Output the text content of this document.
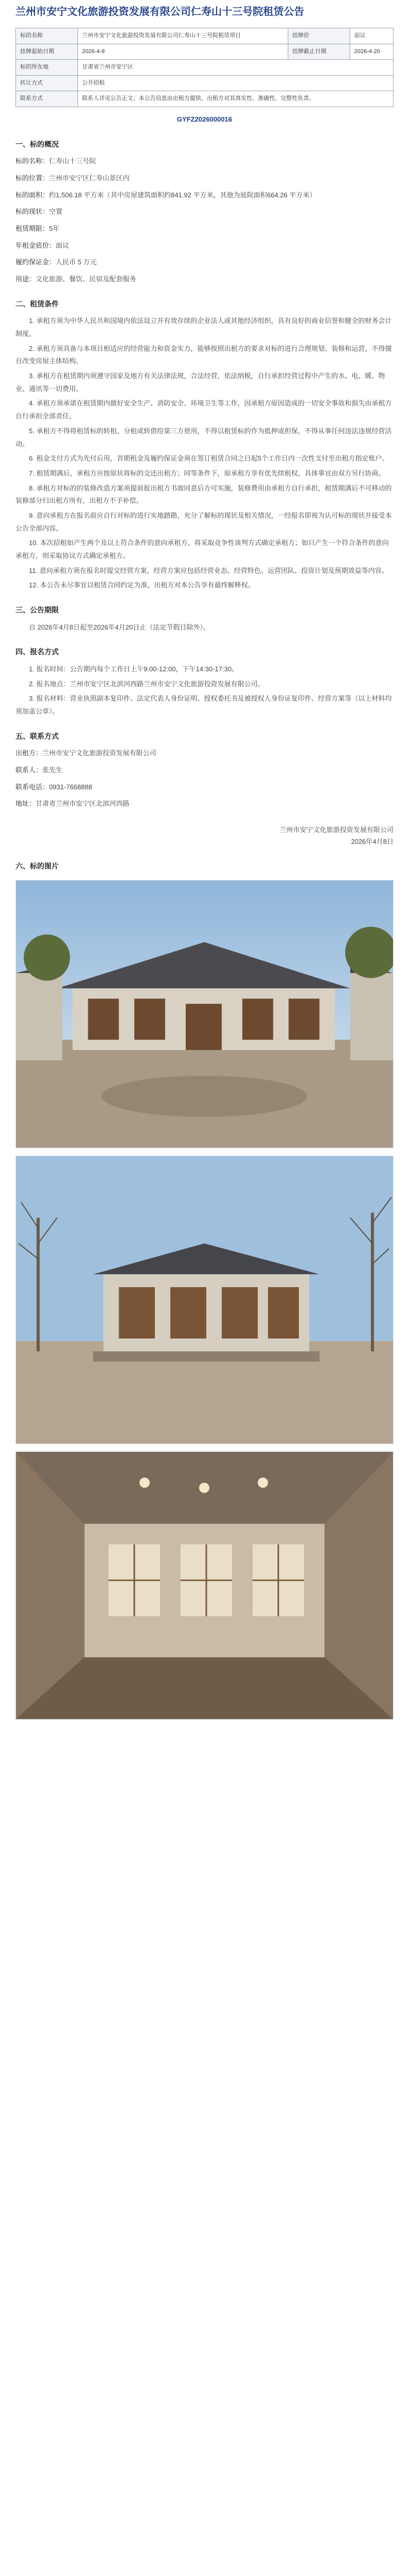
兰州市安宁文化旅游投资发展有限公司仁寿山十三号院租赁公告
标的名称	兰州市安宁文化旅游投资发展有限公司仁寿山十三号院租赁项目	挂牌价	面议
挂牌起始日期	2026-4-8	挂牌截止日期	2026-4-20
标的所在地	甘肃省兰州市安宁区		
转让方式	公开招租		
联系方式	联系人详见公告正文；本公告信息由出租方提供，出租方对其真实性、准确性、完整性负责。		
GYFZ2026000016
一、标的概况
标的名称：仁寿山十三号院
标的位置：兰州市安宁区仁寿山景区内
标的面积：约1,506.18 平方米（其中房屋建筑面积约841.92 平方米，其他为庭院面积664.26 平方米）
标的现状：空置
租赁期限：5年
年租金底价：面议
履约保证金：人民币 5 万元
用途：文化旅游、餐饮、民宿及配套服务
二、租赁条件
1. 承租方须为中华人民共和国境内依法设立并有效存续的企业法人或其他经济组织，具有良好的商业信誉和健全的财务会计制度。
2. 承租方须具备与本项目相适应的经营能力和资金实力，能够按照出租方的要求对标的进行合理规划、装修和运营，不得擅自改变房屋主体结构。
3. 承租方在租赁期内须遵守国家及地方有关法律法规，合法经营，依法纳税，自行承担经营过程中产生的水、电、暖、物业、通讯等一切费用。
4. 承租方须承诺在租赁期内做好安全生产、消防安全、环境卫生等工作，因承租方原因造成的一切安全事故和损失由承租方自行承担全部责任。
5. 承租方不得将租赁标的转租、分租或转借给第三方使用，不得以租赁标的作为抵押或担保，不得从事任何违法违规经营活动。
6. 租金支付方式为先付后用，首期租金及履约保证金须在签订租赁合同之日起5个工作日内一次性支付至出租方指定账户。
7. 租赁期满后，承租方应按原状将标的交还出租方；同等条件下，原承租方享有优先续租权，具体事宜由双方另行协商。
8. 承租方对标的的装修改造方案须提前报出租方书面同意后方可实施，装修费用由承租方自行承担，租赁期满后不可移动的装修部分归出租方所有，出租方不予补偿。
9. 意向承租方在报名前应自行对标的进行实地踏勘，充分了解标的现状及相关情况，一经报名即视为认可标的现状并接受本公告全部内容。
10. 本次招租如产生两个及以上符合条件的意向承租方，将采取竞争性谈判方式确定承租方；如只产生一个符合条件的意向承租方，则采取协议方式确定承租方。
11. 意向承租方须在报名时提交经营方案，经营方案应包括经营业态、经营特色、运营团队、投资计划及预期效益等内容。
12. 本公告未尽事宜以租赁合同约定为准，出租方对本公告享有最终解释权。
三、公告期限
自 2026年4月8日起至2026年4月20日止（法定节假日除外）。
四、报名方式
1. 报名时间：公告期内每个工作日上午9:00-12:00，下午14:30-17:30。
2. 报名地点：兰州市安宁区北滨河西路兰州市安宁文化旅游投资发展有限公司。
3. 报名材料：营业执照副本复印件、法定代表人身份证明、授权委托书及被授权人身份证复印件、经营方案等（以上材料均须加盖公章）。
五、联系方式
出租方：兰州市安宁文化旅游投资发展有限公司
联系人：张先生
联系电话：0931-7668888
地址：甘肃省兰州市安宁区北滨河西路
兰州市安宁文化旅游投资发展有限公司
2026年4月8日
六、标的图片
